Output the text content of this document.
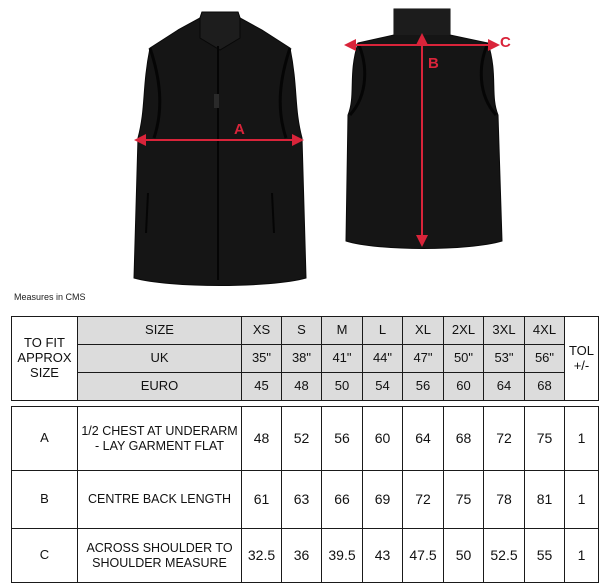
A
B
C
Measures in CMS
TO FIT APPROX SIZE	SIZE	XS	S	M	L	XL	2XL	3XL	4XL	TOL +/-
	UK	35"	38"	41"	44"	47"	50"	53"	56"	
	EURO	45	48	50	54	56	60	64	68	

A	1/2 CHEST AT UNDERARM - LAY GARMENT FLAT	48	52	56	60	64	68	72	75	1
B	CENTRE BACK LENGTH	61	63	66	69	72	75	78	81	1
C	ACROSS SHOULDER TO SHOULDER MEASURE	32.5	36	39.5	43	47.5	50	52.5	55	1
